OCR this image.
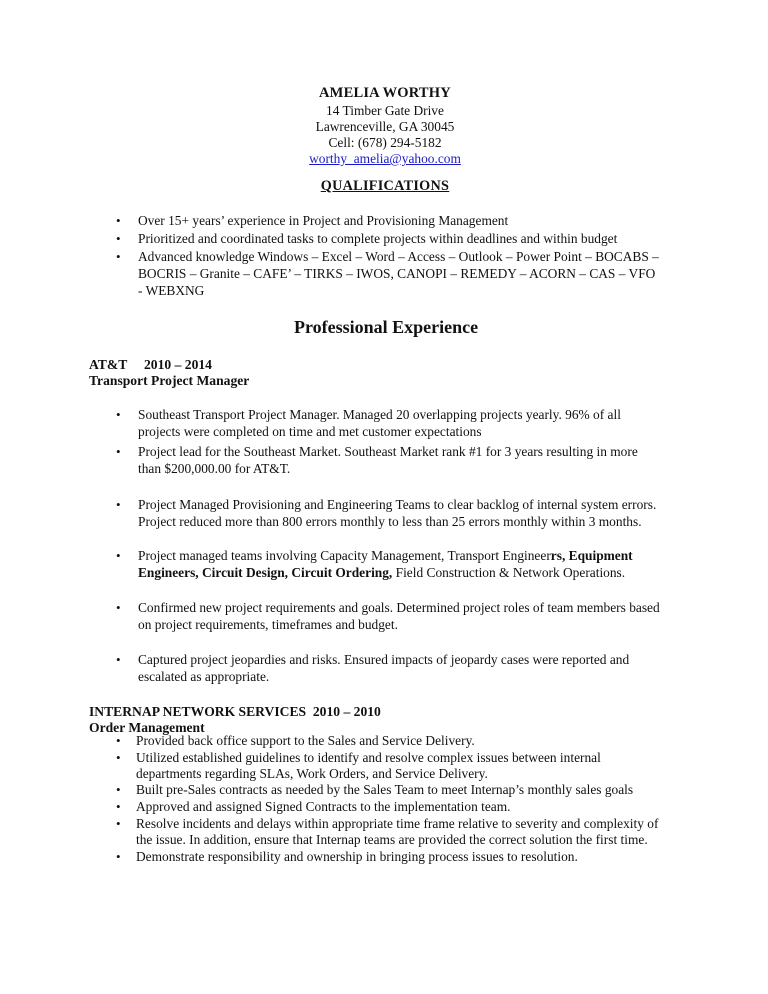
AMELIA WORTHY
14 Timber Gate Drive
Lawrenceville, GA 30045
Cell: (678) 294-5182
worthy_amelia@yahoo.com
QUALIFICATIONS
• Over 15+ years’ experience in Project and Provisioning Management
• Prioritized and coordinated tasks to complete projects within deadlines and within budget
• Advanced knowledge Windows – Excel – Word – Access – Outlook – Power Point – BOCABS –
BOCRIS – Granite – CAFE’ – TIRKS – IWOS, CANOPI – REMEDY – ACORN – CAS – VFO
- WEBXNG
Professional Experience
AT&T     2010 – 2014
Transport Project Manager
• Southeast Transport Project Manager. Managed 20 overlapping projects yearly. 96% of all
projects were completed on time and met customer expectations
• Project lead for the Southeast Market. Southeast Market rank #1 for 3 years resulting in more
than $200,000.00 for AT&T.
• Project Managed Provisioning and Engineering Teams to clear backlog of internal system errors.
Project reduced more than 800 errors monthly to less than 25 errors monthly within 3 months.
• Project managed teams involving Capacity Management, Transport Engineerrs, Equipment
Engineers, Circuit Design, Circuit Ordering, Field Construction & Network Operations.
• Confirmed new project requirements and goals. Determined project roles of team members based
on project requirements, timeframes and budget.
• Captured project jeopardies and risks. Ensured impacts of jeopardy cases were reported and
escalated as appropriate.
INTERNAP NETWORK SERVICES  2010 – 2010
Order Management
• Provided back office support to the Sales and Service Delivery.
• Utilized established guidelines to identify and resolve complex issues between internal
departments regarding SLAs, Work Orders, and Service Delivery.
• Built pre-Sales contracts as needed by the Sales Team to meet Internap’s monthly sales goals
• Approved and assigned Signed Contracts to the implementation team.
• Resolve incidents and delays within appropriate time frame relative to severity and complexity of
the issue. In addition, ensure that Internap teams are provided the correct solution the first time.
• Demonstrate responsibility and ownership in bringing process issues to resolution.
